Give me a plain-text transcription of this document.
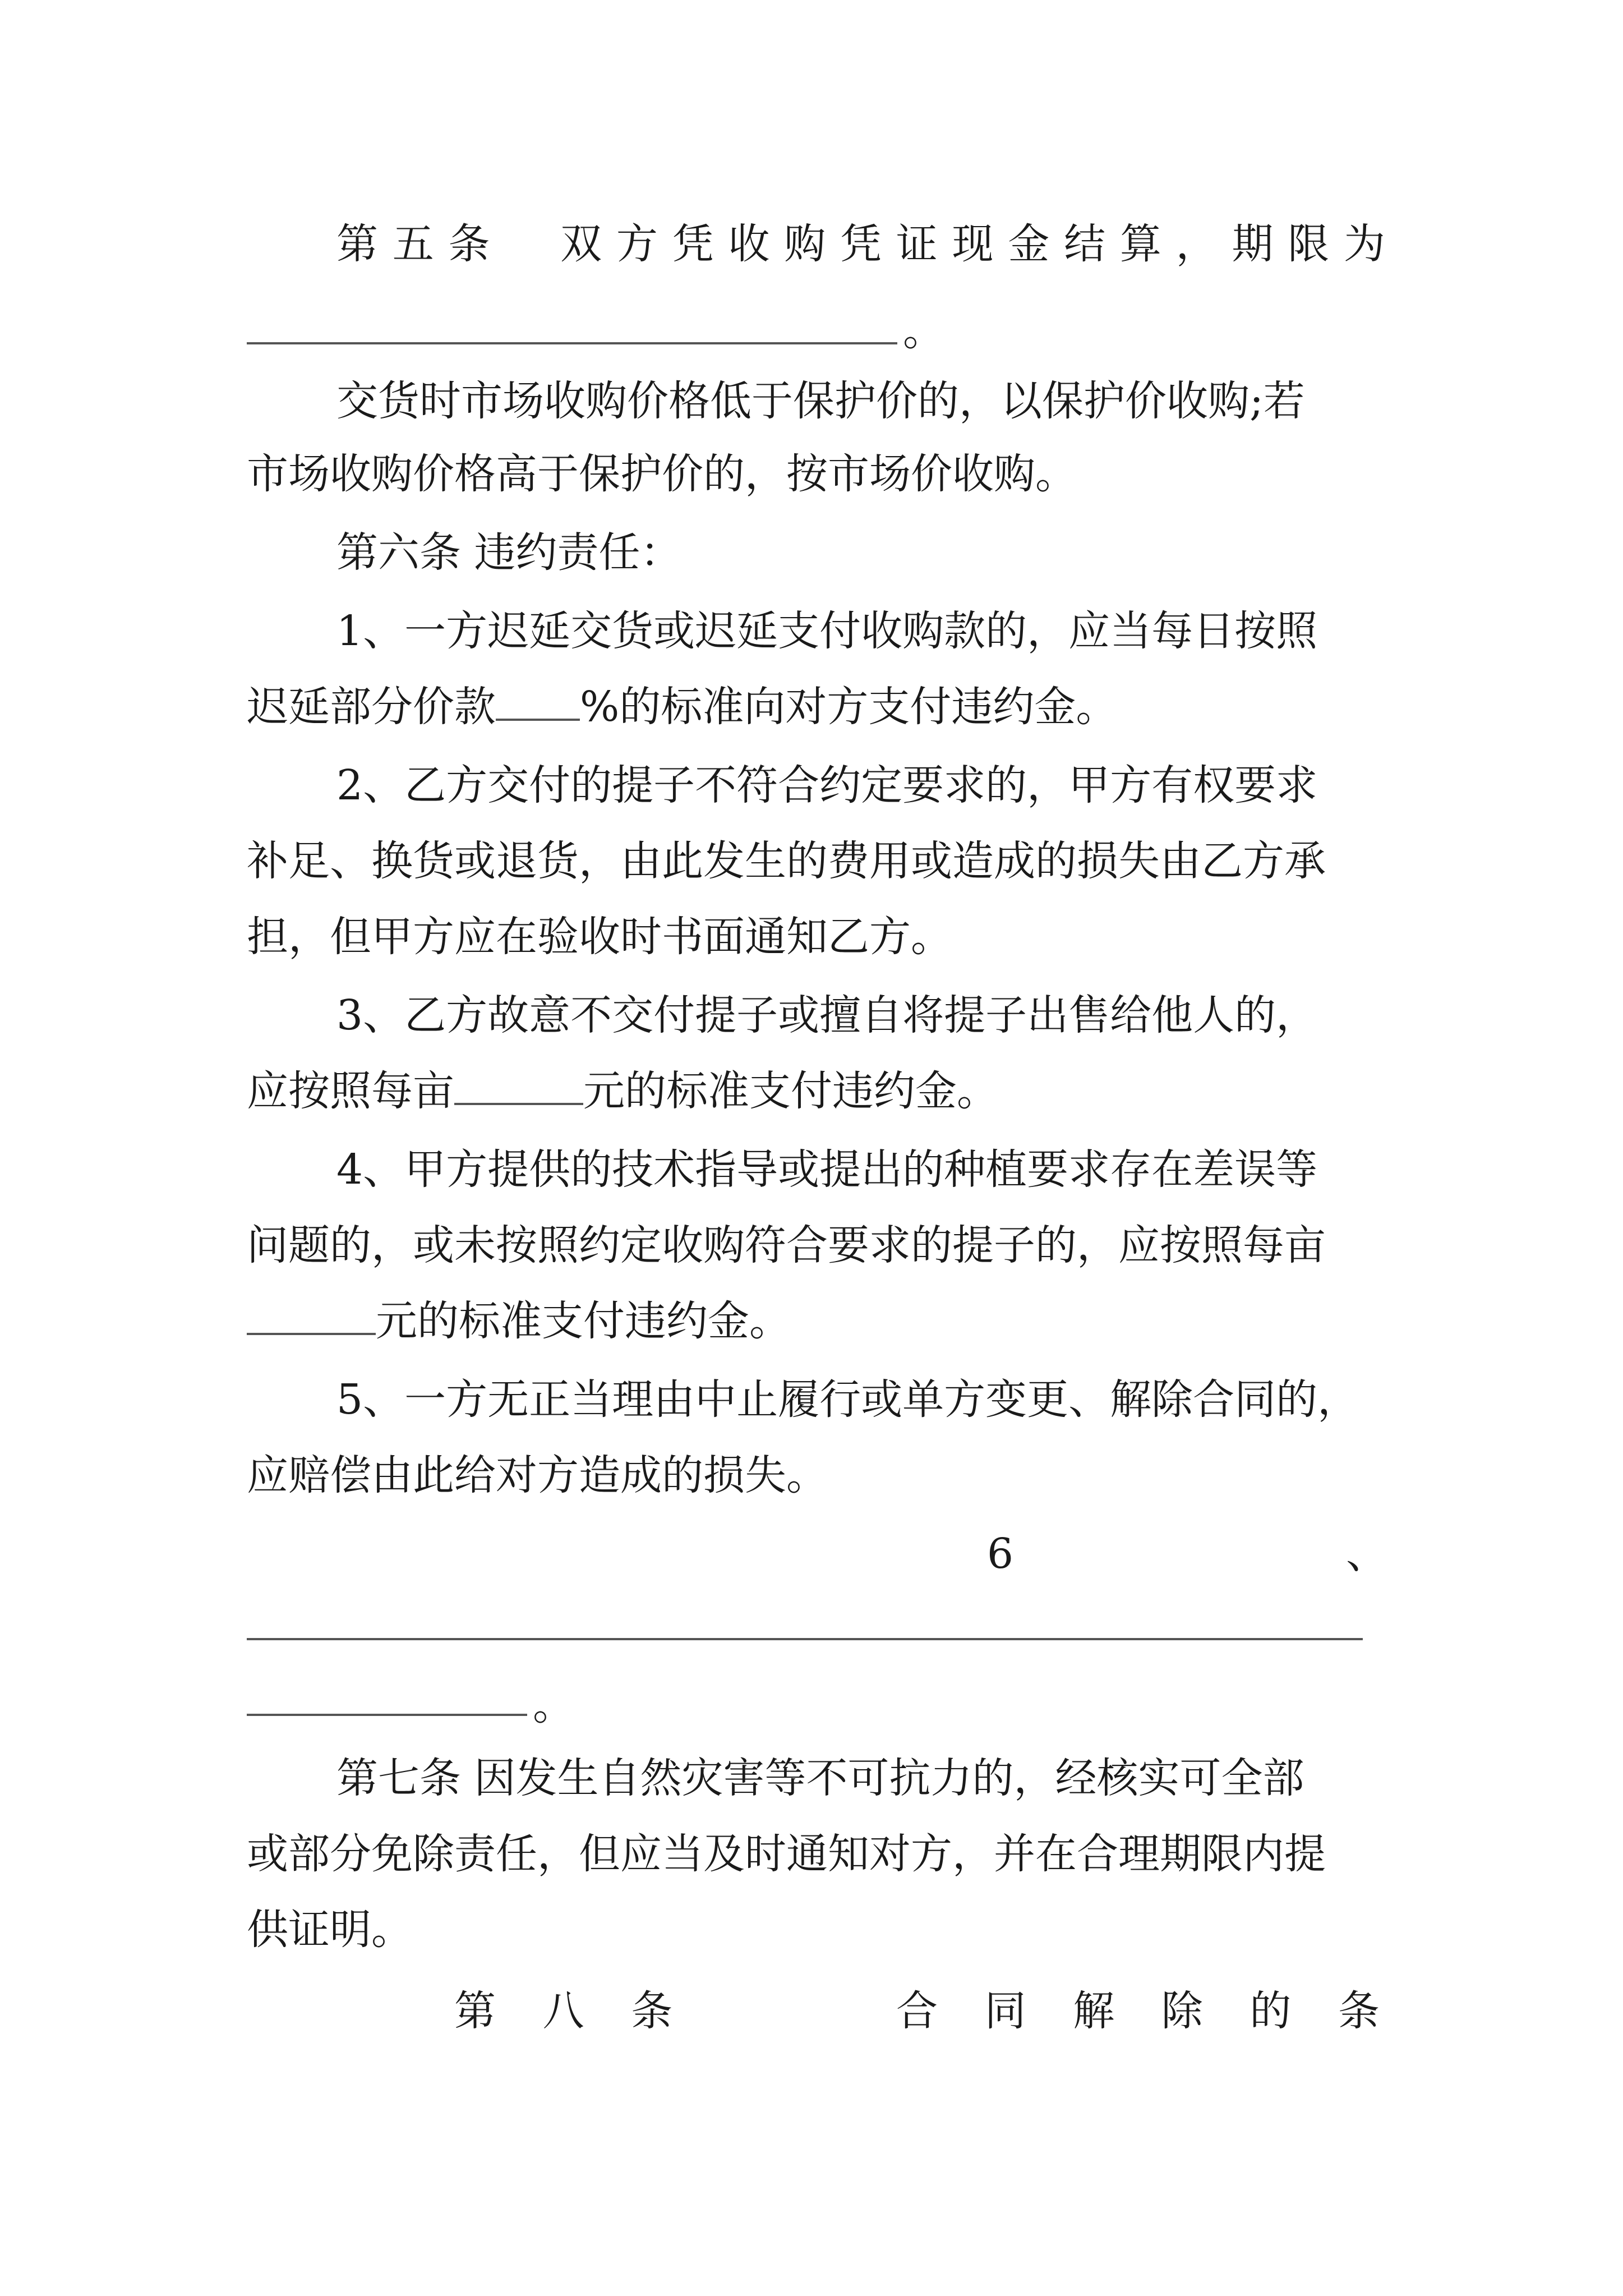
第五条　双方凭收购凭证现金结算，期限为
。
交货时市场收购价格低于保护价的，以保护价收购;若
市场收购价格高于保护价的，按市场价收购。
第六条 违约责任：
1、一方迟延交货或迟延支付收购款的，应当每日按照
迟延部分价款 %的标准向对方支付违约金。
2、乙方交付的提子不符合约定要求的，甲方有权要求
补足、换货或退货，由此发生的费用或造成的损失由乙方承
担，但甲方应在验收时书面通知乙方。
3、乙方故意不交付提子或擅自将提子出售给他人的，
应按照每亩	元的标准支付违约金。
4、甲方提供的技术指导或提出的种植要求存在差误等
问题的，或未按照约定收购符合要求的提子的，应按照每亩
元的标准支付违约金。
5、一方无正当理由中止履行或单方变更、解除合同的，
应赔偿由此给对方造成的损失。
6	、
。
第七条 因发生自然灾害等不可抗力的，经核实可全部
或部分免除责任，但应当及时通知对方，并在合理期限内提
供证明。
第八条　　合同解除的条
